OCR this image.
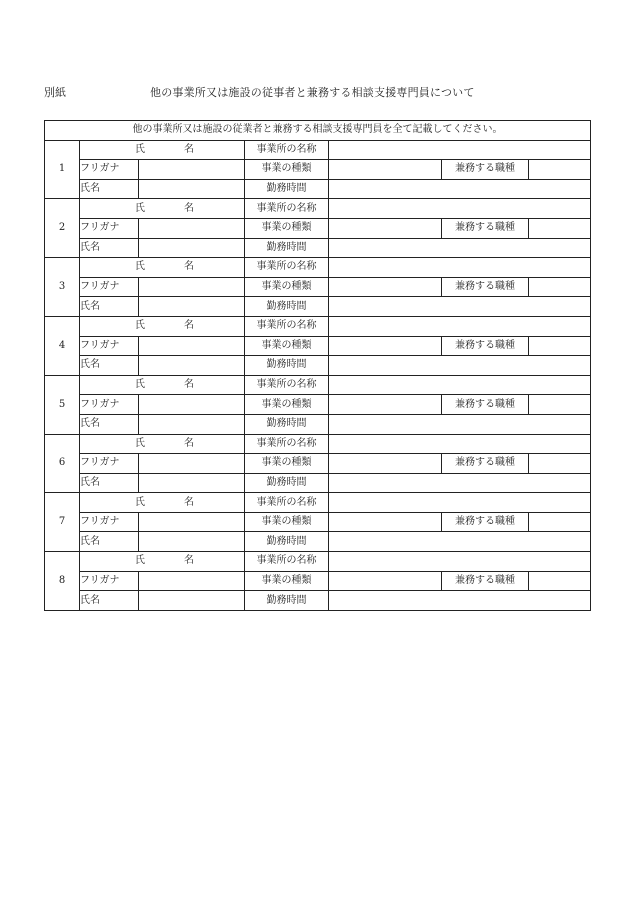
別紙	他の事業所又は施設の従事者と兼務する相談支援専門員について
他の事業所又は施設の従業者と兼務する相談支援専門員を全て記載してください。						
1	氏 名		事業所の名称			
	フリガナ		事業の種類		兼務する職種	
	氏名		勤務時間			
2	氏 名		事業所の名称			
	フリガナ		事業の種類		兼務する職種	
	氏名		勤務時間			
3	氏 名		事業所の名称			
	フリガナ		事業の種類		兼務する職種	
	氏名		勤務時間			
4	氏 名		事業所の名称			
	フリガナ		事業の種類		兼務する職種	
	氏名		勤務時間			
5	氏 名		事業所の名称			
	フリガナ		事業の種類		兼務する職種	
	氏名		勤務時間			
6	氏 名		事業所の名称			
	フリガナ		事業の種類		兼務する職種	
	氏名		勤務時間			
7	氏 名		事業所の名称			
	フリガナ		事業の種類		兼務する職種	
	氏名		勤務時間			
8	氏 名		事業所の名称			
	フリガナ		事業の種類		兼務する職種	
	氏名		勤務時間			
